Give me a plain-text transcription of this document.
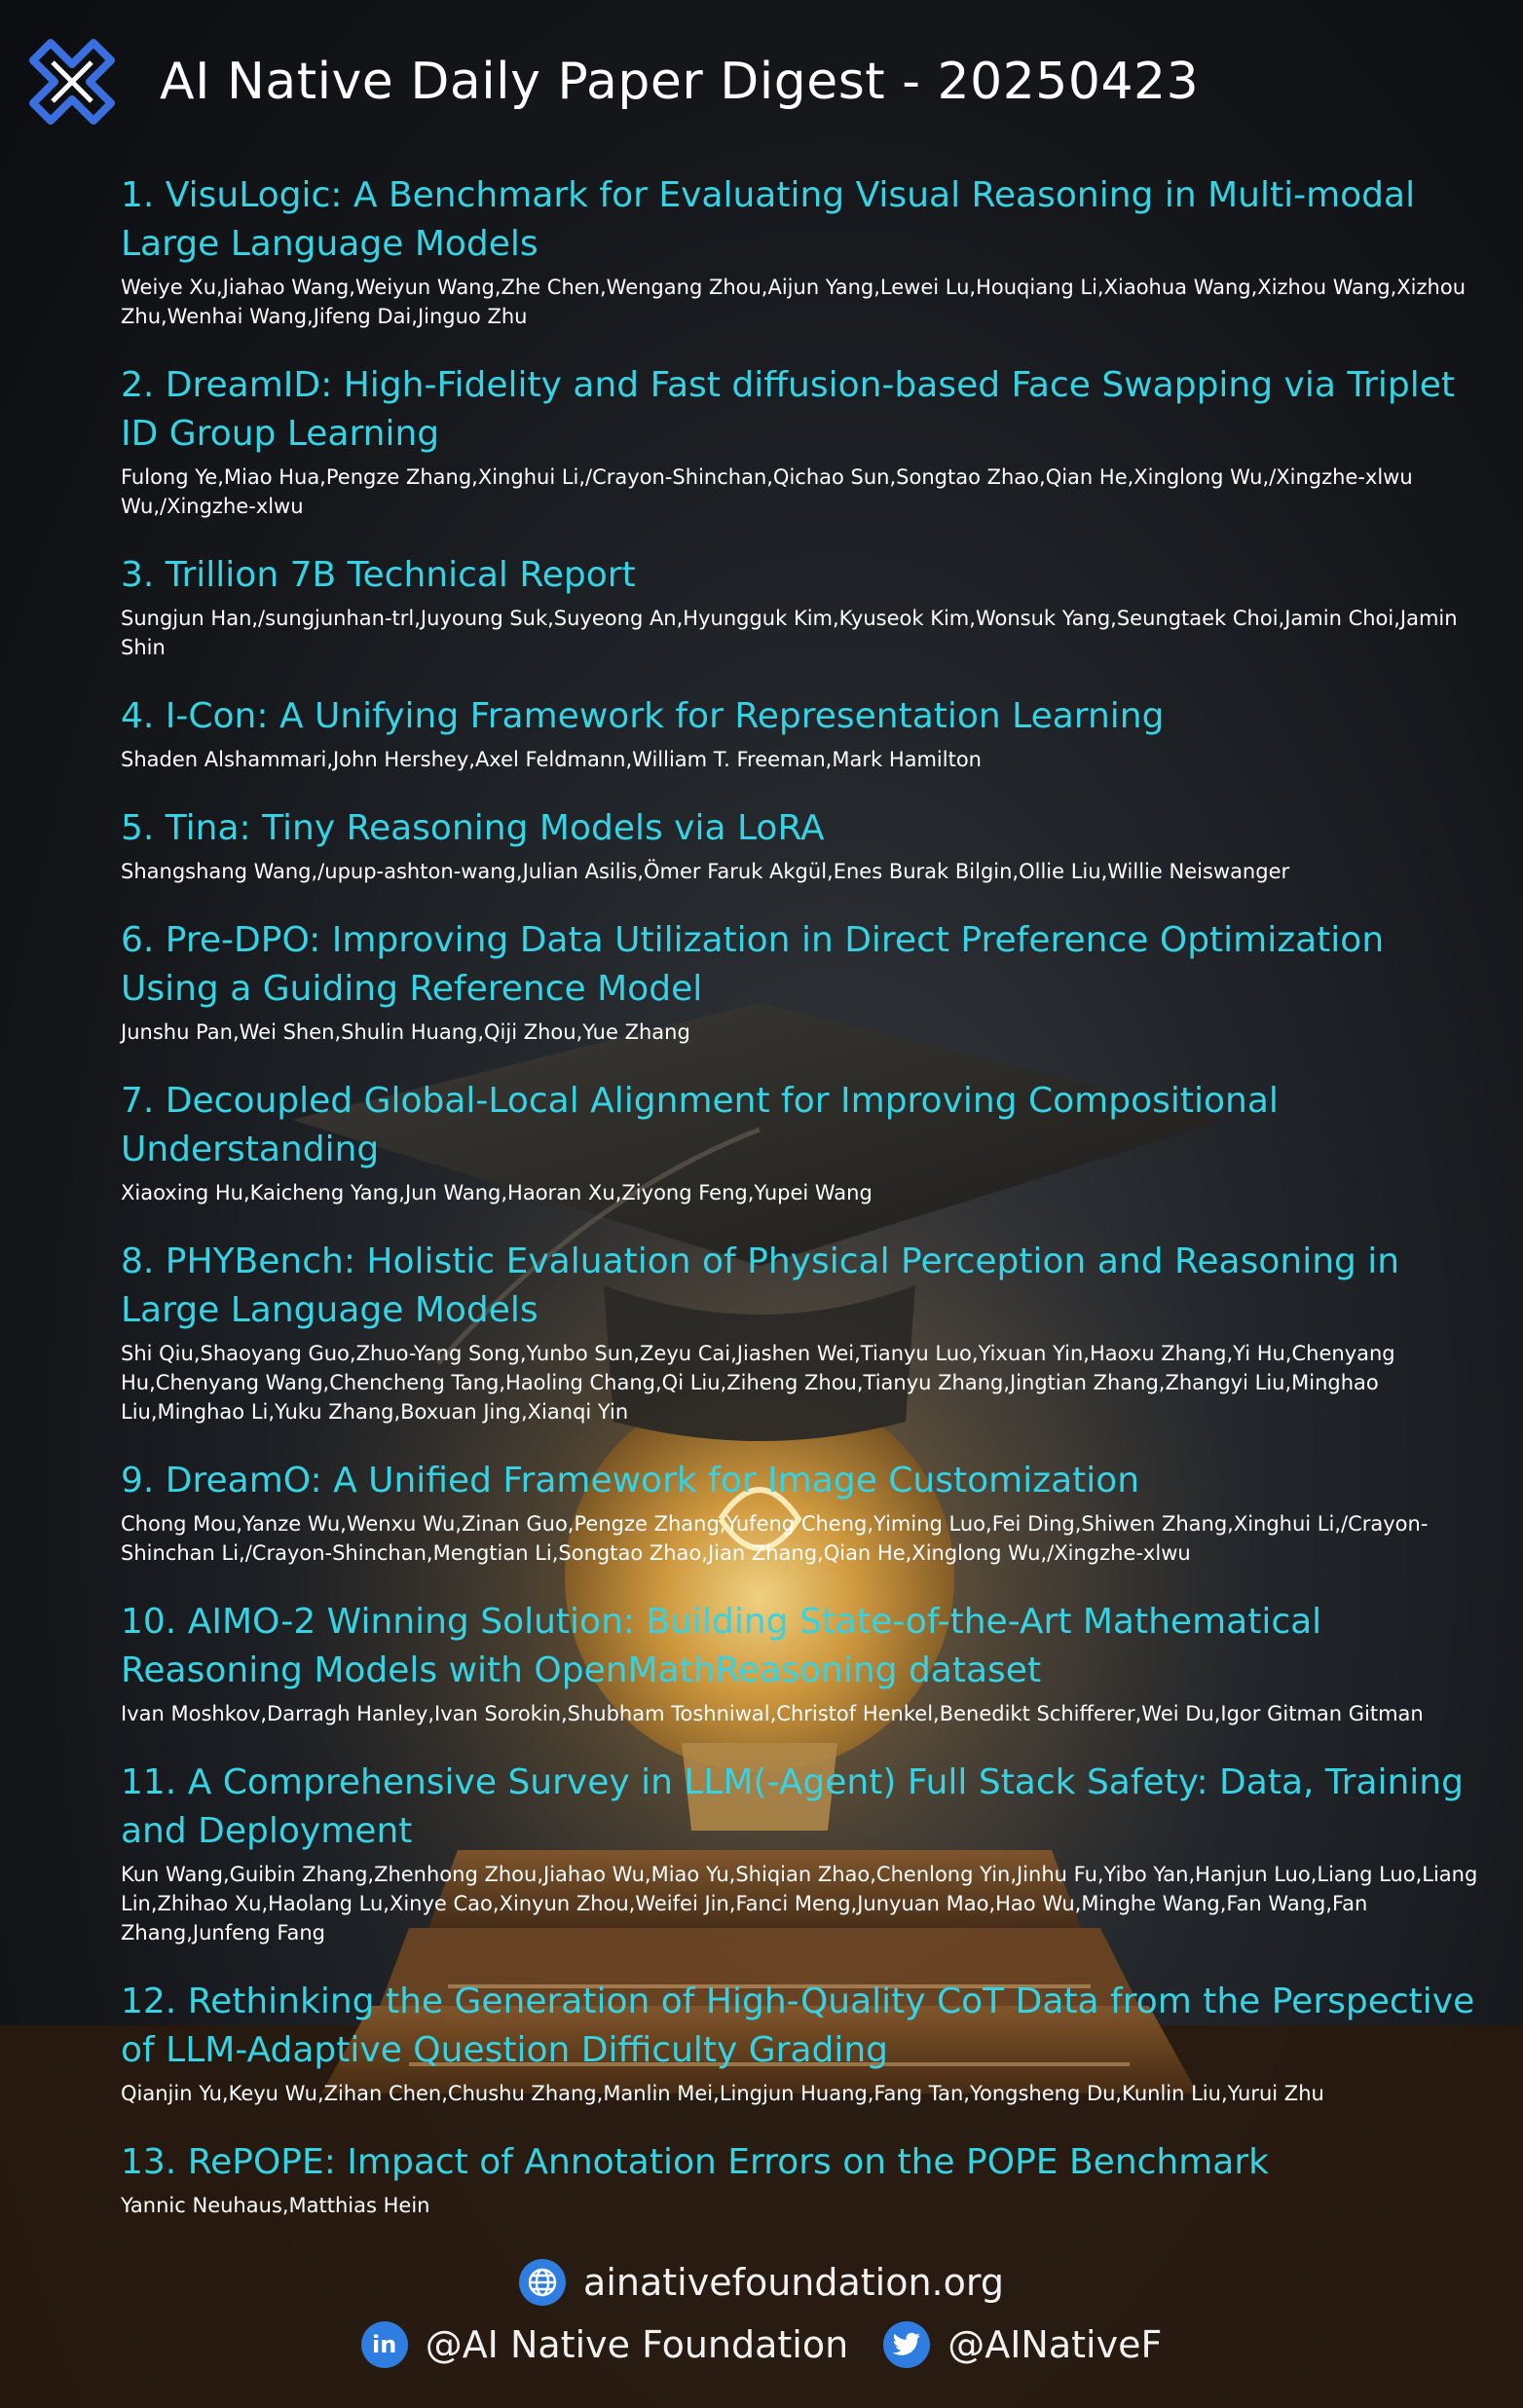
AI Native Daily Paper Digest - 20250423
1. VisuLogic: A Benchmark for Evaluating Visual Reasoning in Multi-modal Large Language Models
Weiye Xu,Jiahao Wang,Weiyun Wang,Zhe Chen,Wengang Zhou,Aijun Yang,Lewei Lu,Houqiang Li,Xiaohua Wang,Xizhou Wang,Xizhou Zhu,Wenhai Wang,Jifeng Dai,Jinguo Zhu
2. DreamID: High-Fidelity and Fast diffusion-based Face Swapping via Triplet ID Group Learning
Fulong Ye,Miao Hua,Pengze Zhang,Xinghui Li,/Crayon-Shinchan,Qichao Sun,Songtao Zhao,Qian He,Xinglong Wu,/Xingzhe-xlwu Wu,/Xingzhe-xlwu
3. Trillion 7B Technical Report
Sungjun Han,/sungjunhan-trl,Juyoung Suk,Suyeong An,Hyungguk Kim,Kyuseok Kim,Wonsuk Yang,Seungtaek Choi,Jamin Choi,Jamin Shin
4. I-Con: A Unifying Framework for Representation Learning
Shaden Alshammari,John Hershey,Axel Feldmann,William T. Freeman,Mark Hamilton
5. Tina: Tiny Reasoning Models via LoRA
Shangshang Wang,/upup-ashton-wang,Julian Asilis,Ömer Faruk Akgül,Enes Burak Bilgin,Ollie Liu,Willie Neiswanger
6. Pre-DPO: Improving Data Utilization in Direct Preference Optimization Using a Guiding Reference Model
Junshu Pan,Wei Shen,Shulin Huang,Qiji Zhou,Yue Zhang
7. Decoupled Global-Local Alignment for Improving Compositional Understanding
Xiaoxing Hu,Kaicheng Yang,Jun Wang,Haoran Xu,Ziyong Feng,Yupei Wang
8. PHYBench: Holistic Evaluation of Physical Perception and Reasoning in Large Language Models
Shi Qiu,Shaoyang Guo,Zhuo-Yang Song,Yunbo Sun,Zeyu Cai,Jiashen Wei,Tianyu Luo,Yixuan Yin,Haoxu Zhang,Yi Hu,Chenyang Hu,Chenyang Wang,Chencheng Tang,Haoling Chang,Qi Liu,Ziheng Zhou,Tianyu Zhang,Jingtian Zhang,Zhangyi Liu,Minghao Liu,Minghao Li,Yuku Zhang,Boxuan Jing,Xianqi Yin
9. DreamO: A Unified Framework for Image Customization
Chong Mou,Yanze Wu,Wenxu Wu,Zinan Guo,Pengze Zhang,Yufeng Cheng,Yiming Luo,Fei Ding,Shiwen Zhang,Xinghui Li,/Crayon-Shinchan Li,/Crayon-Shinchan,Mengtian Li,Songtao Zhao,Jian Zhang,Qian He,Xinglong Wu,/Xingzhe-xlwu
10. AIMO-2 Winning Solution: Building State-of-the-Art Mathematical Reasoning Models with OpenMathReasoning dataset
Ivan Moshkov,Darragh Hanley,Ivan Sorokin,Shubham Toshniwal,Christof Henkel,Benedikt Schifferer,Wei Du,Igor Gitman Gitman
11. A Comprehensive Survey in LLM(-Agent) Full Stack Safety: Data, Training and Deployment
Kun Wang,Guibin Zhang,Zhenhong Zhou,Jiahao Wu,Miao Yu,Shiqian Zhao,Chenlong Yin,Jinhu Fu,Yibo Yan,Hanjun Luo,Liang Luo,Liang Lin,Zhihao Xu,Haolang Lu,Xinye Cao,Xinyun Zhou,Weifei Jin,Fanci Meng,Junyuan Mao,Hao Wu,Minghe Wang,Fan Wang,Fan Zhang,Junfeng Fang
12. Rethinking the Generation of High-Quality CoT Data from the Perspective of LLM-Adaptive Question Difficulty Grading
Qianjin Yu,Keyu Wu,Zihan Chen,Chushu Zhang,Manlin Mei,Lingjun Huang,Fang Tan,Yongsheng Du,Kunlin Liu,Yurui Zhu
13. RePOPE: Impact of Annotation Errors on the POPE Benchmark
Yannic Neuhaus,Matthias Hein
ainativefoundation.org
in @AI Native Foundation	@AINativeF
